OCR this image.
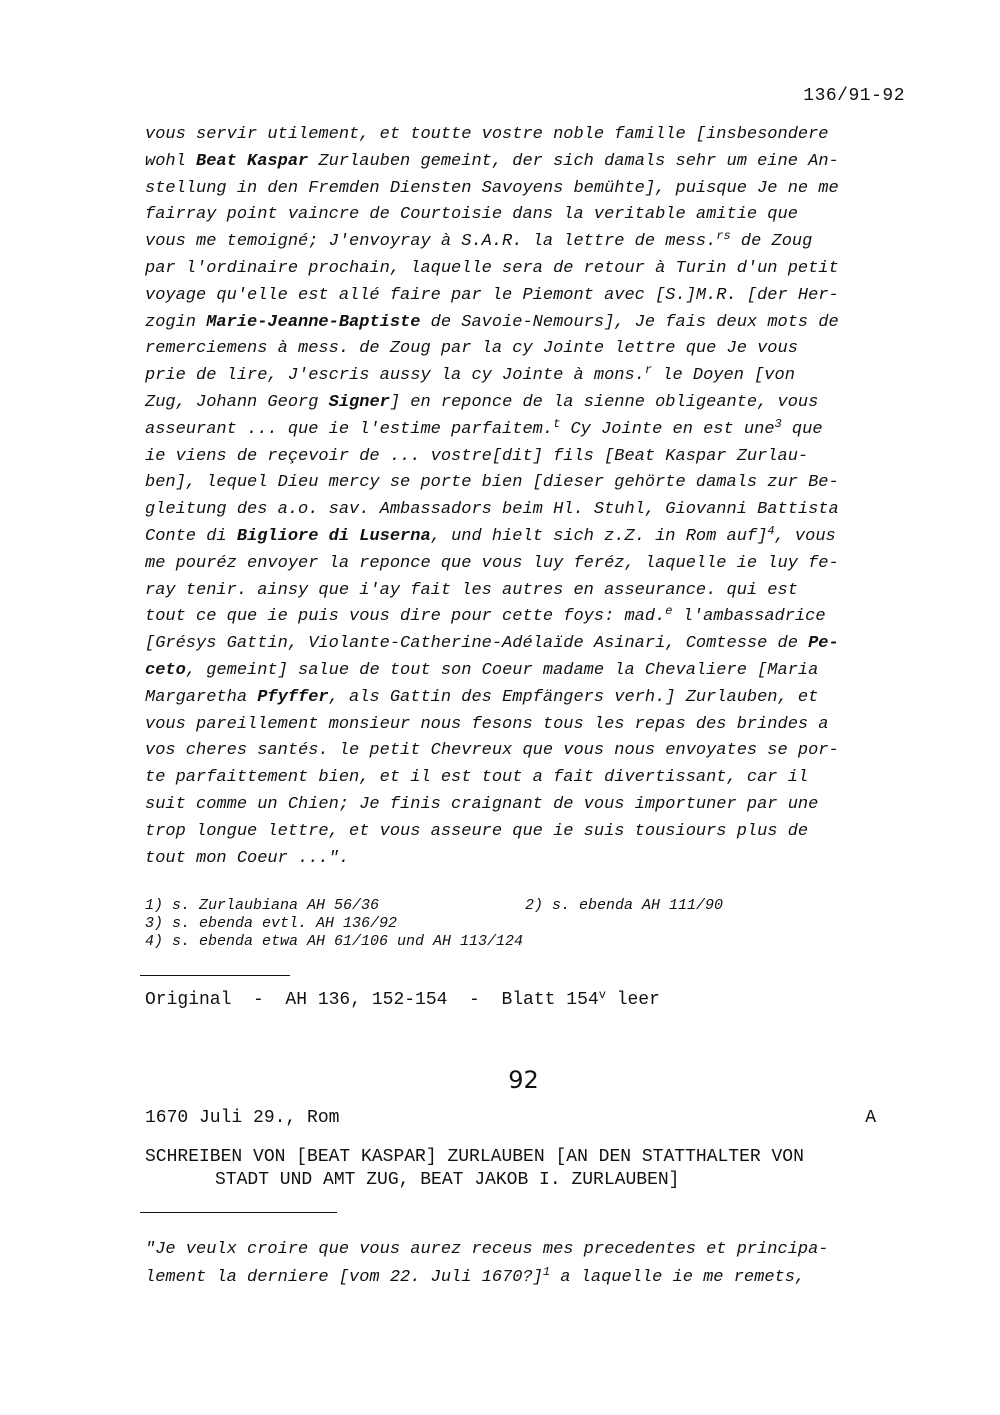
136/91-92
vous servir utilement, et toutte vostre noble famille [insbesondere
wohl Beat Kaspar Zurlauben gemeint, der sich damals sehr um eine An-
stellung in den Fremden Diensten Savoyens bemühte], puisque Je ne me
fairray point vaincre de Courtoisie dans la veritable amitie que
vous me temoigné; J'envoyray à S.A.R. la lettre de mess.$^{rs}$ de Zoug
par l'ordinaire prochain, laquelle sera de retour à Turin d'un petit
voyage qu'elle est allé faire par le Piemont avec [S.]M.R. [der Her-
zogin Marie-Jeanne-Baptiste de Savoie-Nemours], Je fais deux mots de
remerciemens à mess. de Zoug par la cy Jointe lettre que Je vous
prie de lire, J'escris aussy la cy Jointe à mons.$^r$ le Doyen [von
Zug, Johann Georg Signer] en reponce de la sienne obligeante, vous
asseurant ... que ie l'estime parfaitem.$^t$ Cy Jointe en est une$^3$ que
ie viens de reçevoir de ... vostre[dit] fils [Beat Kaspar Zurlau-
ben], lequel Dieu mercy se porte bien [dieser gehörte damals zur Be-
gleitung des a.o. sav. Ambassadors beim Hl. Stuhl, Giovanni Battista
Conte di Bigliore di Luserna, und hielt sich z.Z. in Rom auf]$^4$, vous
me pouréz envoyer la reponce que vous luy feréz, laquelle ie luy fe-
ray tenir. ainsy que i'ay fait les autres en asseurance. qui est
tout ce que ie puis vous dire pour cette foys: mad.$^e$ l'ambassadrice
[Grésys Gattin, Violante-Catherine-Adélaïde Asinari, Comtesse de Pe-
ceto, gemeint] salue de tout son Coeur madame la Chevaliere [Maria
Margaretha Pfyffer, als Gattin des Empfängers verh.] Zurlauben, et
vous pareillement monsieur nous fesons tous les repas des brindes a
vos cheres santés. le petit Chevreux que vous nous envoyates se por-
te parfaittement bien, et il est tout a fait divertissant, car il
suit comme un Chien; Je finis craignant de vous importuner par une
trop longue lettre, et vous asseure que ie suis tousiours plus de
tout mon Coeur ...".
1) s. Zurlaubiana AH 56/36	2) s. ebenda AH 111/90
3) s. ebenda evtl. AH 136/92
4) s. ebenda etwa AH 61/106 und AH 113/124
Original  -  AH 136, 152-154  -  Blatt 154$^v$ leer
92
1670 Juli 29., Rom	A
SCHREIBEN VON [BEAT KASPAR] ZURLAUBEN [AN DEN STATTHALTER VON
STADT UND AMT ZUG, BEAT JAKOB I. ZURLAUBEN]
"Je veulx croire que vous aurez receus mes precedentes et principa-
lement la derniere [vom 22. Juli 1670?]$^1$ a laquelle ie me remets,
